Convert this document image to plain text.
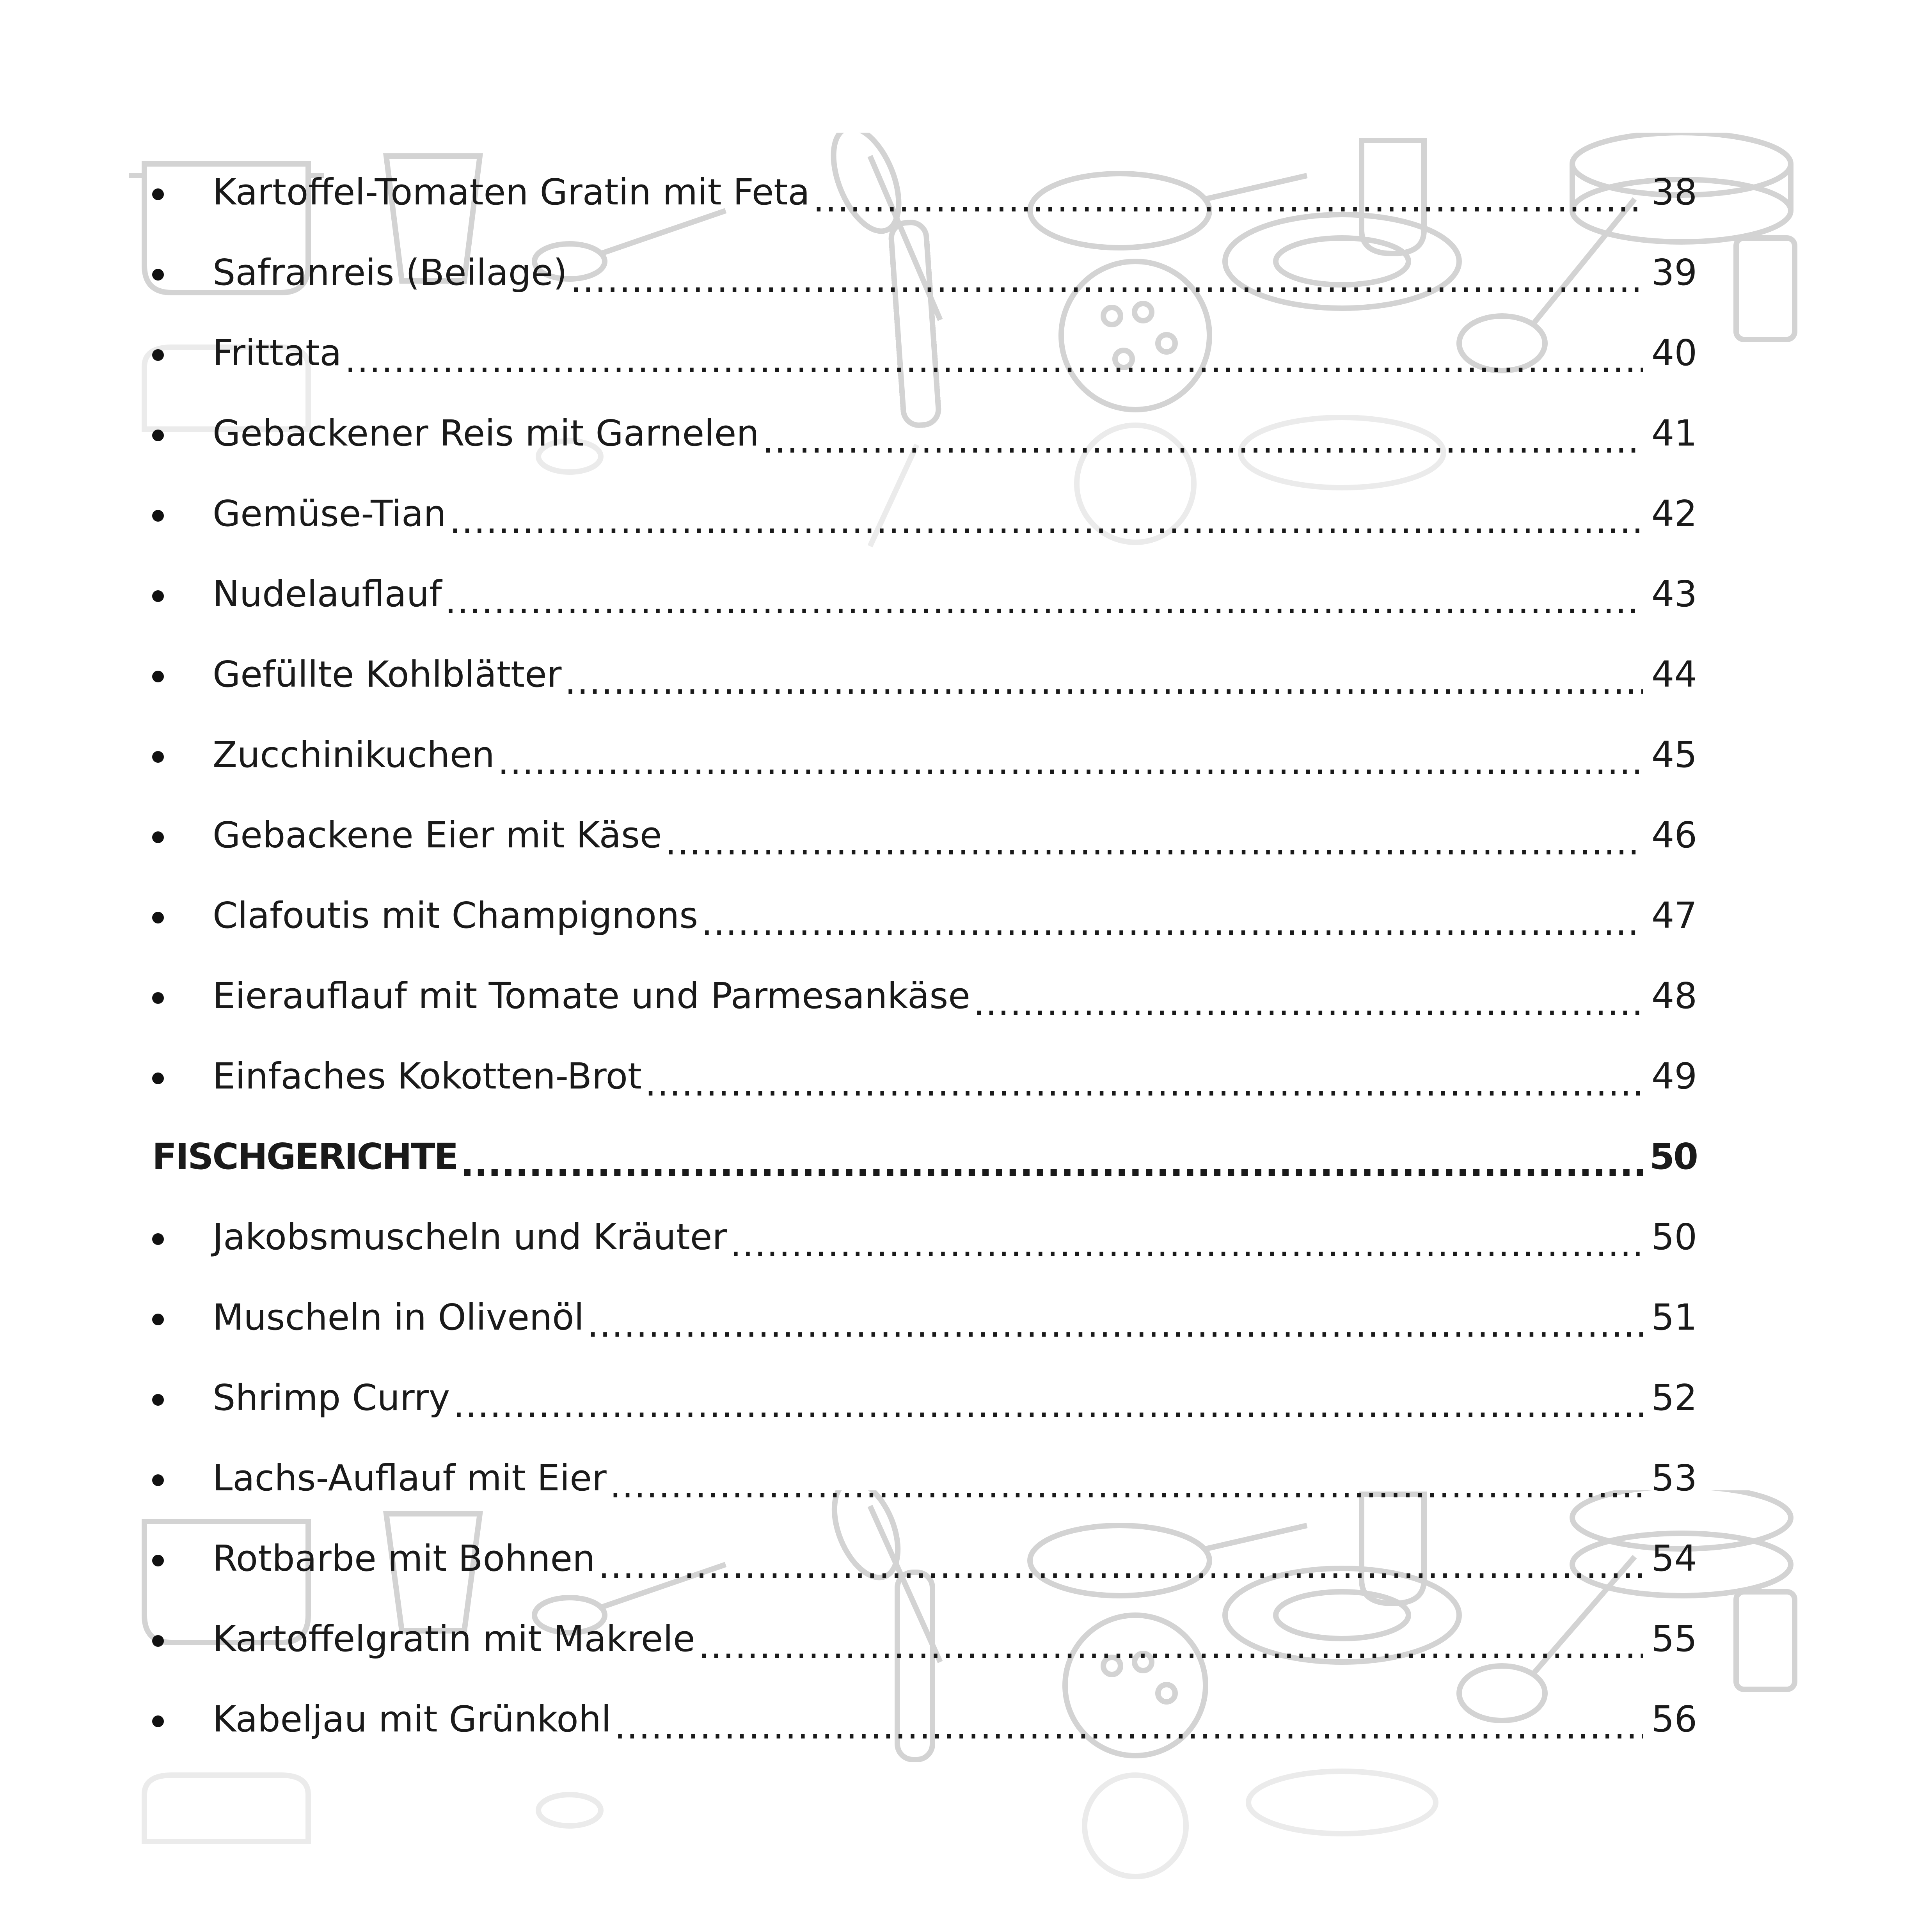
Kartoffel-Tomaten Gratin mit Feta .....	38
Safranreis (Beilage) .....	39
Frittata .....	40
Gebackener Reis mit Garnelen .....	41
Gemüse-Tian .....	42
Nudelauflauf .....	43
Gefüllte Kohlblätter .....	44
Zucchinikuchen .....	45
Gebackene Eier mit Käse .....	46
Clafoutis mit Champignons .....	47
Eierauflauf mit Tomate und Parmesankäse .....	48
Einfaches Kokotten-Brot .....	49
FISCHGERICHTE .....	50
Jakobsmuscheln und Kräuter .....	50
Muscheln in Olivenöl .....	51
Shrimp Curry .....	52
Lachs-Auflauf mit Eier .....	53
Rotbarbe mit Bohnen .....	54
Kartoffelgratin mit Makrele .....	55
Kabeljau mit Grünkohl .....	56
